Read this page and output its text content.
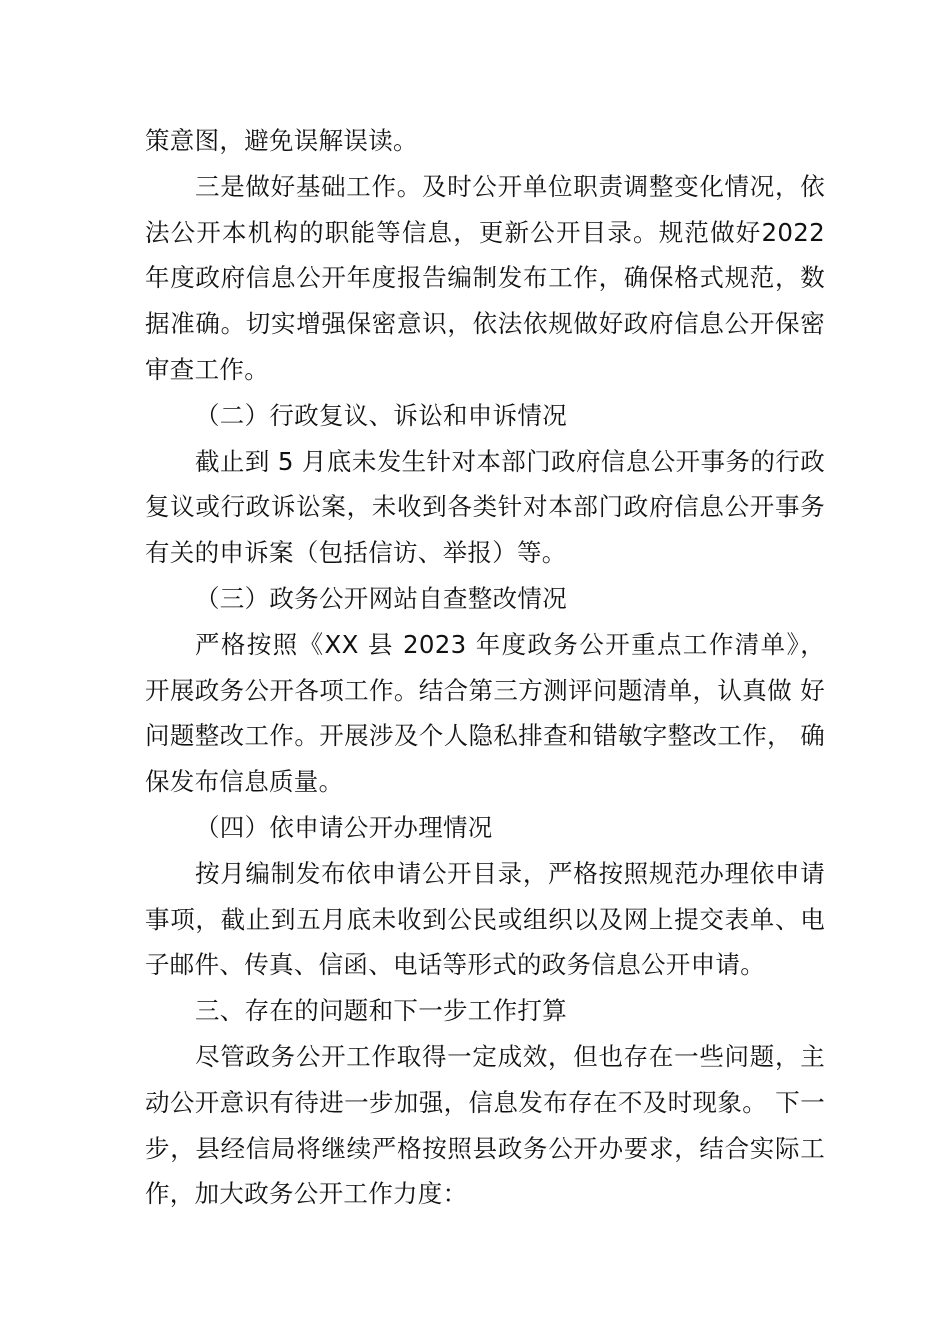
策意图，避免误解误读。

三是做好基础工作。及时公开单位职责调整变化情况，依法公开本机构的职能等信息，更新公开目录。规范做好2022 年度政府信息公开年度报告编制发布工作，确保格式规范，数据准确。切实增强保密意识，依法依规做好政府信息公开保密审查工作。

（二）行政复议、诉讼和申诉情况

截止到 5 月底未发生针对本部门政府信息公开事务的行政复议或行政诉讼案，未收到各类针对本部门政府信息公开事务有关的申诉案（包括信访、举报）等。

（三）政务公开网站自查整改情况

严格按照《XX 县 2023 年度政务公开重点工作清单》，开展政务公开各项工作。结合第三方测评问题清单，认真做 好问题整改工作。开展涉及个人隐私排查和错敏字整改工作， 确保发布信息质量。

（四）依申请公开办理情况

按月编制发布依申请公开目录，严格按照规范办理依申请事项，截止到五月底未收到公民或组织以及网上提交表单、电子邮件、传真、信函、电话等形式的政务信息公开申请。

三、存在的问题和下一步工作打算

尽管政务公开工作取得一定成效，但也存在一些问题，主动公开意识有待进一步加强，信息发布存在不及时现象。 下一步，县经信局将继续严格按照县政务公开办要求，结合实际工作，加大政务公开工作力度：
